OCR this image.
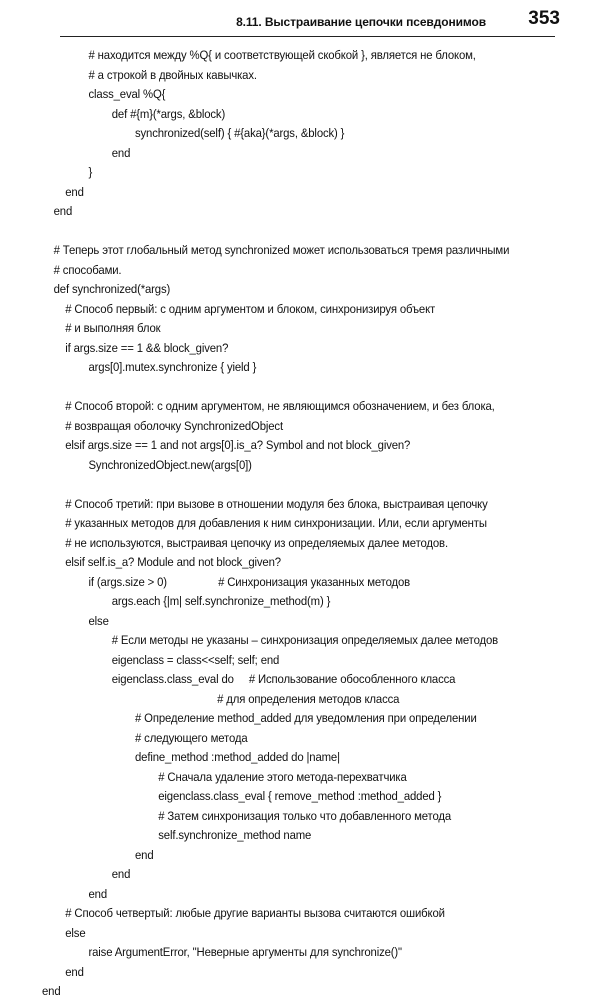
8.11. Выстраивание цепочки псевдонимов 353
# находится между %Q{ и соответствующей скобкой }, является не блоком,
# а строкой в двойных кавычках.
class_eval %Q{
def #{m}(*args, &block)
synchronized(self) { #{aka}(*args, &block) }
end
}
end
end
# Теперь этот глобальный метод synchronized может использоваться тремя различными
# способами.
def synchronized(*args)
# Способ первый: с одним аргументом и блоком, синхронизируя объект
# и выполняя блок
if args.size == 1 && block_given?
args[0].mutex.synchronize { yield }
# Способ второй: с одним аргументом, не являющимся обозначением, и без блока,
# возвращая оболочку SynchronizedObject
elsif args.size == 1 and not args[0].is_a? Symbol and not block_given?
SynchronizedObject.new(args[0])
# Способ третий: при вызове в отношении модуля без блока, выстраивая цепочку
# указанных методов для добавления к ним синхронизации. Или, если аргументы
# не используются, выстраивая цепочку из определяемых далее методов.
elsif self.is_a? Module and not block_given?
if (args.size > 0)                 # Синхронизация указанных методов
args.each {|m| self.synchronize_method(m) }
else
# Если методы не указаны – синхронизация определяемых далее методов
eigenclass = class<<self; self; end
eigenclass.class_eval do     # Использование обособленного класса
# для определения методов класса
# Определение method_added для уведомления при определении
# следующего метода
define_method :method_added do |name|
# Сначала удаление этого метода-перехватчика
eigenclass.class_eval { remove_method :method_added }
# Затем синхронизация только что добавленного метода
self.synchronize_method name
end
end
end
# Способ четвертый: любые другие варианты вызова считаются ошибкой
else
raise ArgumentError, "Неверные аргументы для synchronize()"
end
end
